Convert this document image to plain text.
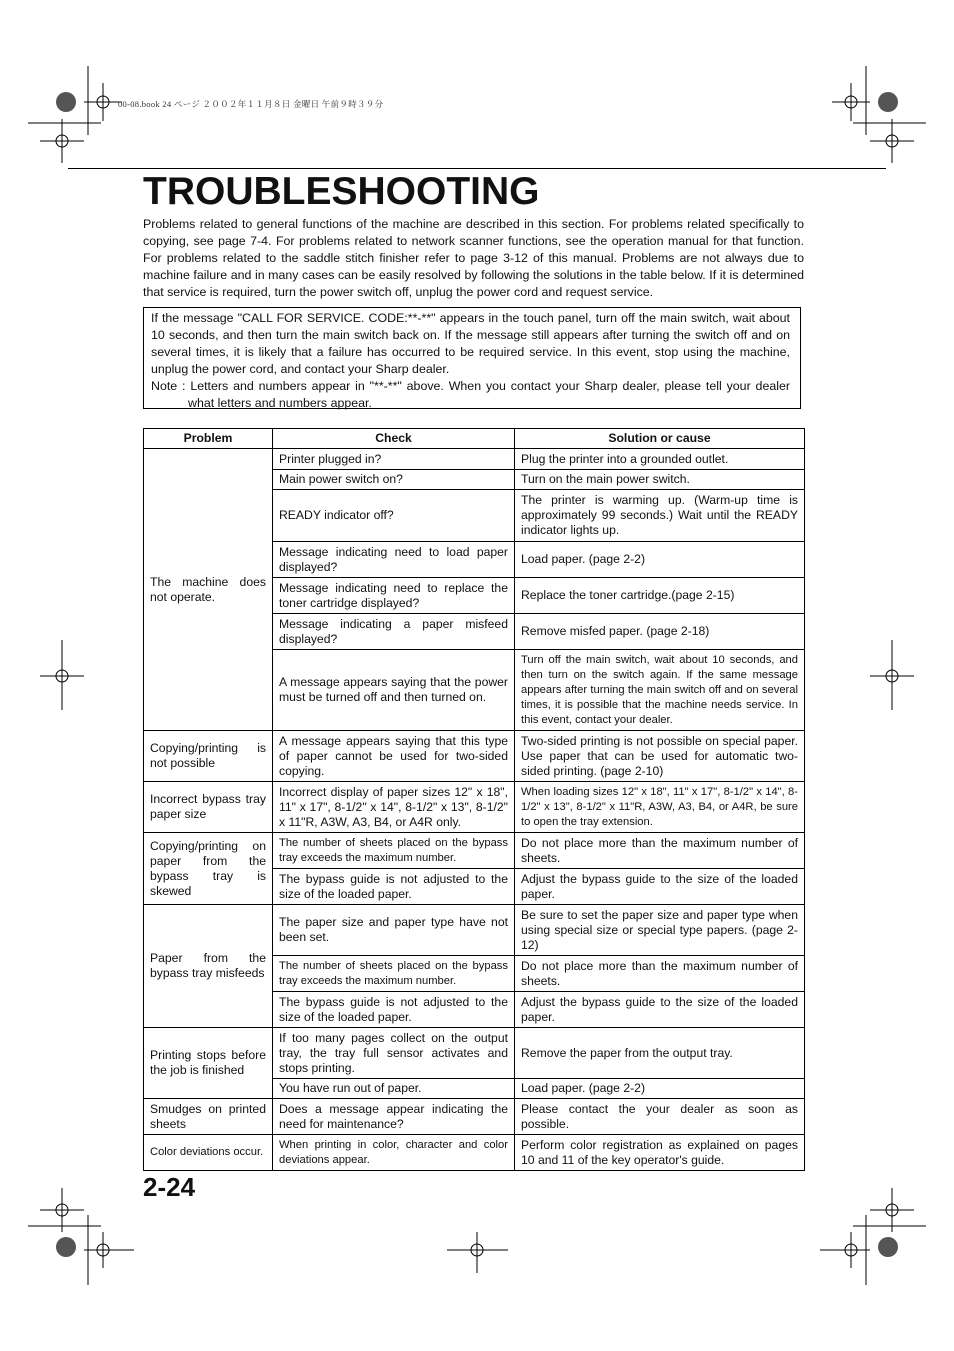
00-08.book 24 ページ ２００２年１１月８日 金曜日 午前９時３９分
TROUBLESHOOTING

Problems related to general functions of the machine are described in this section. For problems related specifically to copying, see page 7-4. For problems related to network scanner functions, see the operation manual for that function. For problems related to the saddle stitch finisher refer to page 3-12 of this manual. Problems are not always due to machine failure and in many cases can be easily resolved by following the solutions in the table below. If it is determined that service is required, turn the power switch off, unplug the power cord and request service.

If the message "CALL FOR SERVICE. CODE:**-**" appears in the touch panel, turn off the main switch, wait about 10 seconds, and then turn the main switch back on. If the message still appears after turning the switch off and on several times, it is likely that a failure has occurred to be required service. In this event, stop using the machine, unplug the power cord, and contact your Sharp dealer.

Note : Letters and numbers appear in "**-**" above. When you contact your Sharp dealer, please tell your dealer what letters and numbers appear.

Problem	Check	Solution or cause
The machine does not operate.	Printer plugged in?	Plug the printer into a grounded outlet.
	Main power switch on?	Turn on the main power switch.
	READY indicator off?	The printer is warming up. (Warm-up time is approximately 99 seconds.) Wait until the READY indicator lights up.
	Message indicating need to load paper displayed?	Load paper. (page 2-2)
	Message indicating need to replace the toner cartridge displayed?	Replace the toner cartridge.(page 2-15)
	Message indicating a paper misfeed displayed?	Remove misfed paper. (page 2-18)
	A message appears saying that the power must be turned off and then turned on.	Turn off the main switch, wait about 10 seconds, and then turn on the switch again. If the same message appears after turning the main switch off and on several times, it is possible that the machine needs service. In this event, contact your dealer.
Copying/printing is not possible	A message appears saying that this type of paper cannot be used for two-sided copying.	Two-sided printing is not possible on special paper. Use paper that can be used for automatic two-sided printing. (page 2-10)
Incorrect bypass tray paper size	Incorrect display of paper sizes 12" x 18", 11" x 17", 8-1/2" x 14", 8-1/2" x 13", 8-1/2" x 11"R, A3W, A3, B4, or A4R only.	When loading sizes 12" x 18", 11" x 17", 8-1/2" x 14", 8-1/2" x 13", 8-1/2" x 11"R, A3W, A3, B4, or A4R, be sure to open the tray extension.
Copying/printing on paper from the bypass tray is skewed	The number of sheets placed on the bypass tray exceeds the maximum number.	Do not place more than the maximum number of sheets.
	The bypass guide is not adjusted to the size of the loaded paper.	Adjust the bypass guide to the size of the loaded paper.
Paper from the bypass tray misfeeds	The paper size and paper type have not been set.	Be sure to set the paper size and paper type when using special size or special type papers. (page 2-12)
	The number of sheets placed on the bypass tray exceeds the maximum number.	Do not place more than the maximum number of sheets.
	The bypass guide is not adjusted to the size of the loaded paper.	Adjust the bypass guide to the size of the loaded paper.
Printing stops before the job is finished	If too many pages collect on the output tray, the tray full sensor activates and stops printing.	Remove the paper from the output tray.
	You have run out of paper.	Load paper. (page 2-2)
Smudges on printed sheets	Does a message appear indicating the need for maintenance?	Please contact the your dealer as soon as possible.
Color deviations occur.	When printing in color, character and color deviations appear.	Perform color registration as explained on pages 10 and 11 of the key operator's guide.
2-24
